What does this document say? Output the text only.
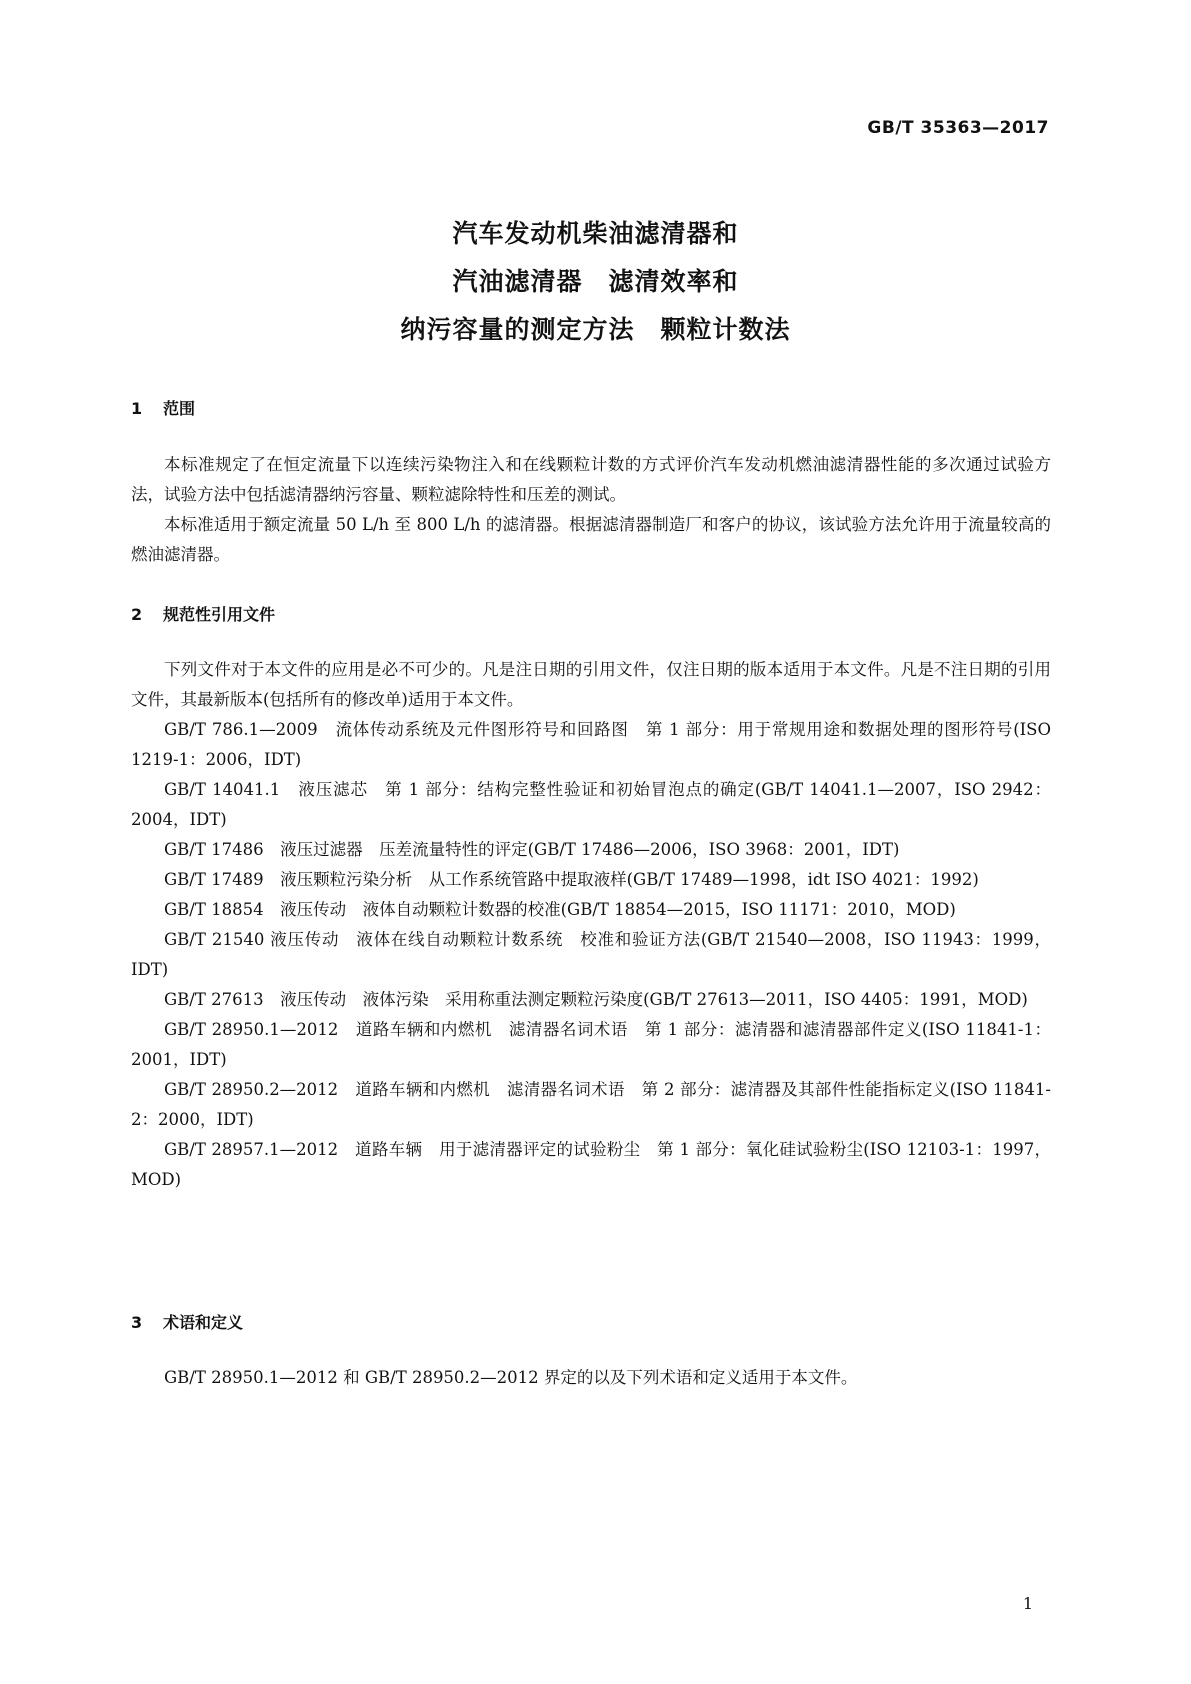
GB/T 35363—2017
汽车发动机柴油滤清器和
汽油滤清器　滤清效率和
纳污容量的测定方法　颗粒计数法
1 范围

本标准规定了在恒定流量下以连续污染物注入和在线颗粒计数的方式评价汽车发动机燃油滤清器性能的多次通过试验方法，试验方法中包括滤清器纳污容量、颗粒滤除特性和压差的测试。

本标准适用于额定流量 50 L/h 至 800 L/h 的滤清器。根据滤清器制造厂和客户的协议，该试验方法允许用于流量较高的燃油滤清器。

2 规范性引用文件

下列文件对于本文件的应用是必不可少的。凡是注日期的引用文件，仅注日期的版本适用于本文件。凡是不注日期的引用文件，其最新版本(包括所有的修改单)适用于本文件。

GB/T 786.1—2009　流体传动系统及元件图形符号和回路图　第 1 部分：用于常规用途和数据处理的图形符号(ISO 1219-1：2006，IDT)

GB/T 14041.1　液压滤芯　第 1 部分：结构完整性验证和初始冒泡点的确定(GB/T 14041.1—2007，ISO 2942：2004，IDT)

GB/T 17486　液压过滤器　压差流量特性的评定(GB/T 17486—2006，ISO 3968：2001，IDT)

GB/T 17489　液压颗粒污染分析　从工作系统管路中提取液样(GB/T 17489—1998，idt ISO 4021：1992)

GB/T 18854　液压传动　液体自动颗粒计数器的校准(GB/T 18854—2015，ISO 11171：2010，MOD)

GB/T 21540 液压传动　液体在线自动颗粒计数系统　校准和验证方法(GB/T 21540—2008，ISO 11943：1999，IDT)

GB/T 27613　液压传动　液体污染　采用称重法测定颗粒污染度(GB/T 27613—2011，ISO 4405：1991，MOD)

GB/T 28950.1—2012　道路车辆和内燃机　滤清器名词术语　第 1 部分：滤清器和滤清器部件定义(ISO 11841-1：2001，IDT)

GB/T 28950.2—2012　道路车辆和内燃机　滤清器名词术语　第 2 部分：滤清器及其部件性能指标定义(ISO 11841-2：2000，IDT)

GB/T 28957.1—2012　道路车辆　用于滤清器评定的试验粉尘　第 1 部分：氧化硅试验粉尘(ISO 12103-1：1997，MOD)

3 术语和定义

GB/T 28950.1—2012 和 GB/T 28950.2—2012 界定的以及下列术语和定义适用于本文件。

1
